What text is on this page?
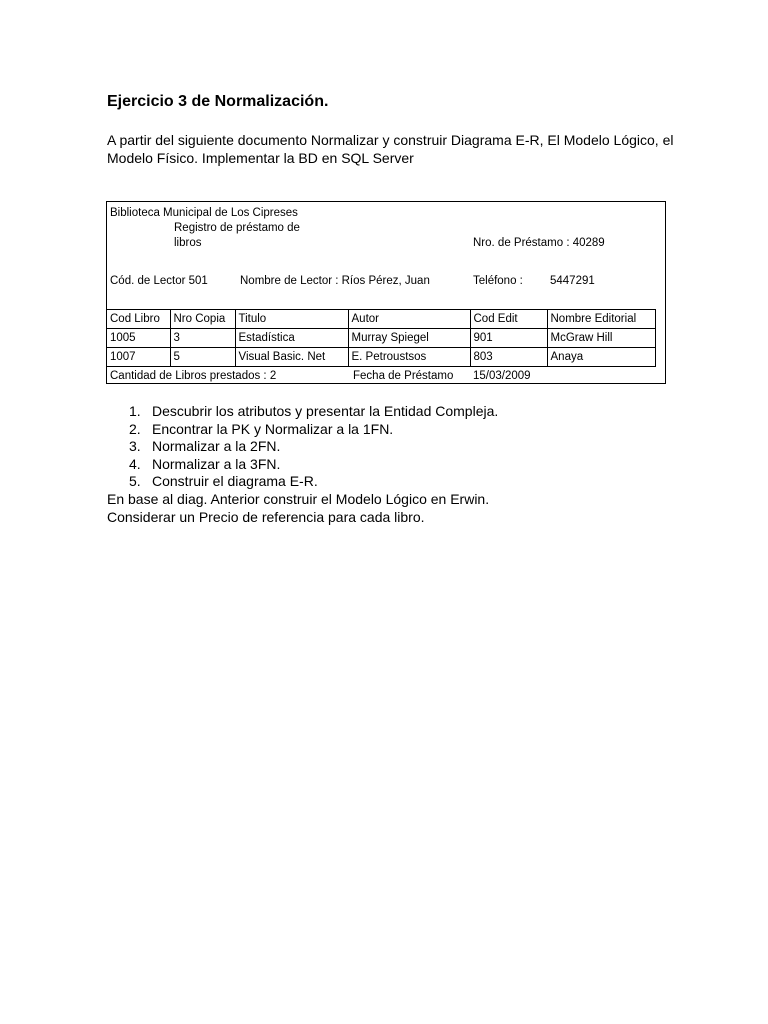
Ejercicio 3 de Normalización.

A partir del siguiente documento Normalizar y construir Diagrama E-R, El Modelo Lógico, el Modelo Físico. Implementar la BD en SQL Server

Biblioteca Municipal de Los Cipreses
Registro de préstamo de
libros	Nro. de Préstamo : 40289
Cód. de Lector 501	Nombre de Lector : Ríos Pérez, Juan	Teléfono : 5447291
Cod Libro	Nro Copia	Titulo	Autor	Cod Edit	Nombre Editorial
1005	3	Estadística	Murray Spiegel	901	McGraw Hill
1007	5	Visual Basic. Net	E. Petroustsos	803	Anaya
Cantidad de Libros prestados : 2	Fecha de Préstamo 15/03/2009
1. Descubrir los atributos y presentar la Entidad Compleja.
2. Encontrar la PK y Normalizar a la 1FN.
3. Normalizar a la 2FN.
4. Normalizar a la 3FN.
5. Construir el diagrama E-R.

En base al diag. Anterior construir el Modelo Lógico en Erwin.

Considerar un Precio de referencia para cada libro.
